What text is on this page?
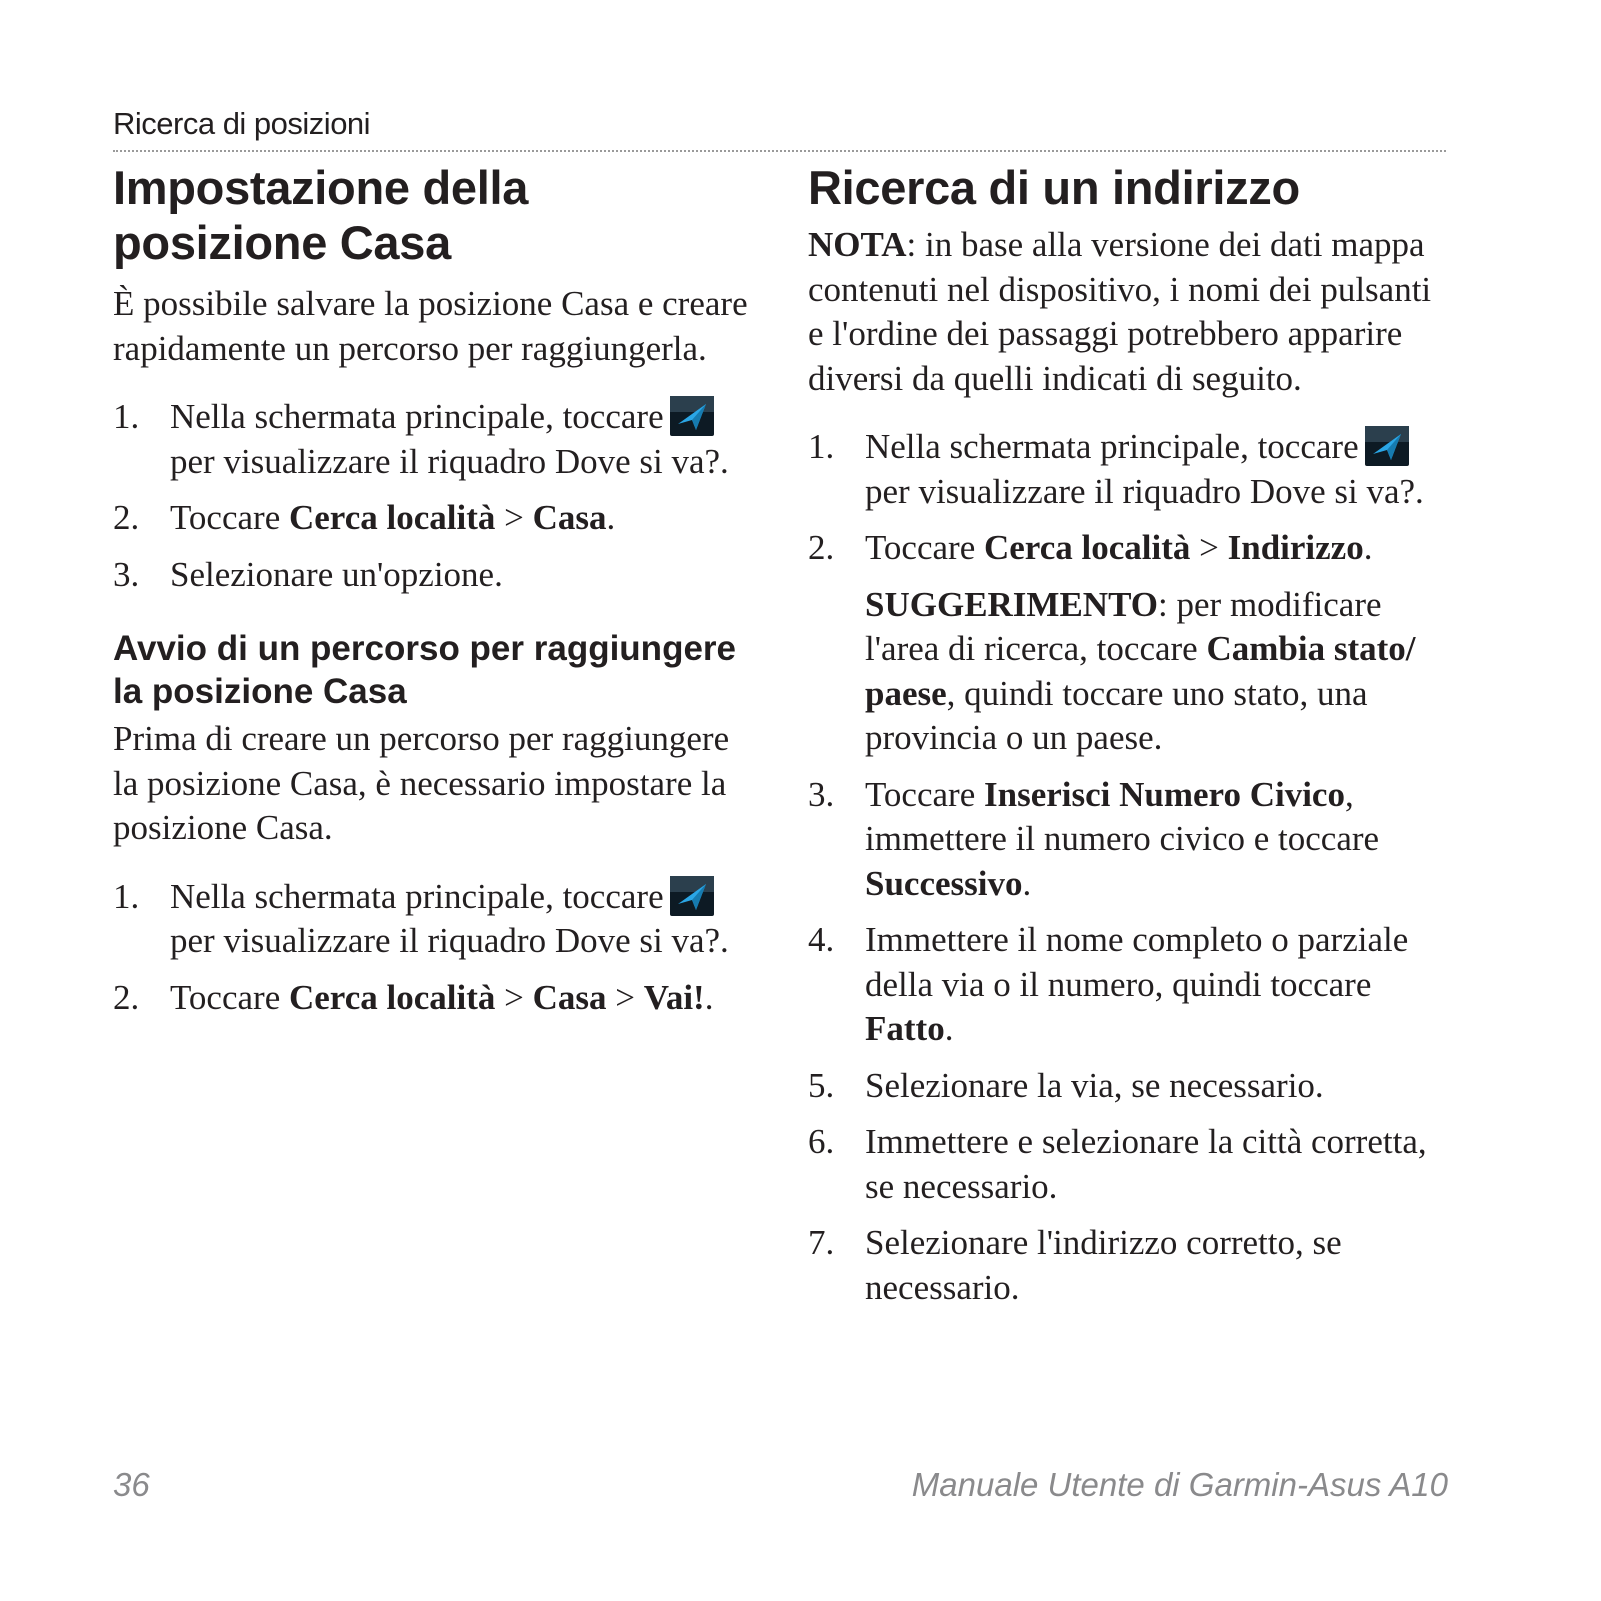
Ricerca di posizioni
Impostazione della posizione Casa

È possibile salvare la posizione Casa e creare rapidamente un percorso per raggiungerla.

1. Nella schermata principale, toccare
per visualizzare il riquadro Dove si va?.
2. Toccare Cerca località > Casa.
3. Selezionare un'opzione.
Avvio di un percorso per raggiungere la posizione Casa

Prima di creare un percorso per raggiungere la posizione Casa, è necessario impostare la posizione Casa.

1. Nella schermata principale, toccare
per visualizzare il riquadro Dove si va?.
2. Toccare Cerca località > Casa > Vai!.
Ricerca di un indirizzo

NOTA: in base alla versione dei dati mappa contenuti nel dispositivo, i nomi dei pulsanti e l'ordine dei passaggi potrebbero apparire diversi da quelli indicati di seguito.

1. Nella schermata principale, toccare
per visualizzare il riquadro Dove si va?.
2. Toccare Cerca località > Indirizzo.
SUGGERIMENTO: per modificare l'area di ricerca, toccare Cambia stato/ paese, quindi toccare uno stato, una provincia o un paese.
3. Toccare Inserisci Numero Civico, immettere il numero civico e toccare Successivo.
4. Immettere il nome completo o parziale della via o il numero, quindi toccare Fatto.
5. Selezionare la via, se necessario.
6. Immettere e selezionare la città corretta, se necessario.
7. Selezionare l'indirizzo corretto, se necessario.
36	Manuale Utente di Garmin-Asus A10
